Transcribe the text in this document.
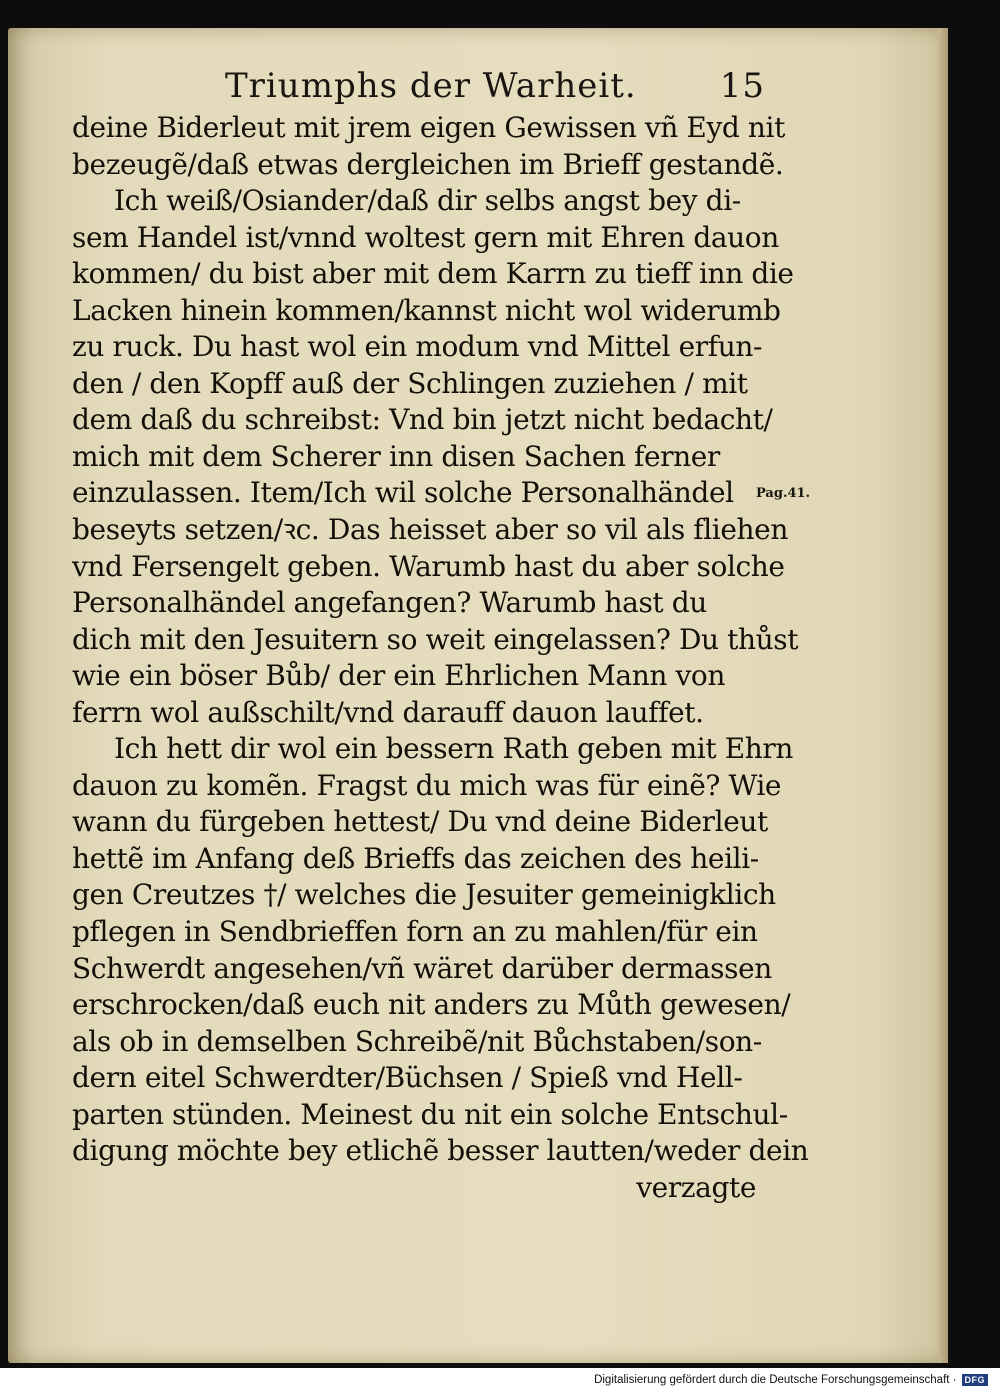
Triumphs der Warheit. 15
deine Biderleut mit jrem eigen Gewissen vñ Eyd nit
bezeugẽ/daß etwas dergleichen im Brieff gestandẽ.
Ich weiß/Osiander/daß dir selbs angst bey di-
sem Handel ist/vnnd woltest gern mit Ehren dauon
kommen/ du bist aber mit dem Karrn zu tieff inn die
Lacken hinein kommen/kannst nicht wol widerumb
zu ruck. Du hast wol ein modum vnd Mittel erfun-
den / den Kopff auß der Schlingen zuziehen / mit
dem daß du schreibst: Vnd bin jetzt nicht bedacht/
mich mit dem Scherer inn disen Sachen ferner
einzulassen. Item/Ich wil solche Personalhändel
beseyts setzen/ꝛc. Das heisset aber so vil als fliehen
vnd Fersengelt geben. Warumb hast du aber solche
Personalhändel angefangen? Warumb hast du
dich mit den Jesuitern so weit eingelassen? Du thůst
wie ein böser Bůb/ der ein Ehrlichen Mann von
ferrn wol außschilt/vnd darauff dauon lauffet.
Ich hett dir wol ein bessern Rath geben mit Ehrn
dauon zu komẽn. Fragst du mich was für einẽ? Wie
wann du fürgeben hettest/ Du vnd deine Biderleut
hettẽ im Anfang deß Brieffs das zeichen des heili-
gen Creutzes †/ welches die Jesuiter gemeinigklich
pflegen in Sendbrieffen forn an zu mahlen/für ein
Schwerdt angesehen/vñ wäret darüber dermassen
erschrocken/daß euch nit anders zu Můth gewesen/
als ob in demselben Schreibẽ/nit Bůchstaben/son-
dern eitel Schwerdter/Büchsen / Spieß vnd Hell-
parten stünden. Meinest du nit ein solche Entschul-
digung möchte bey etlichẽ besser lautten/weder dein
verzagte
Pag.41.
Digitalisierung gefördert durch die Deutsche Forschungsgemeinschaft · DFG
